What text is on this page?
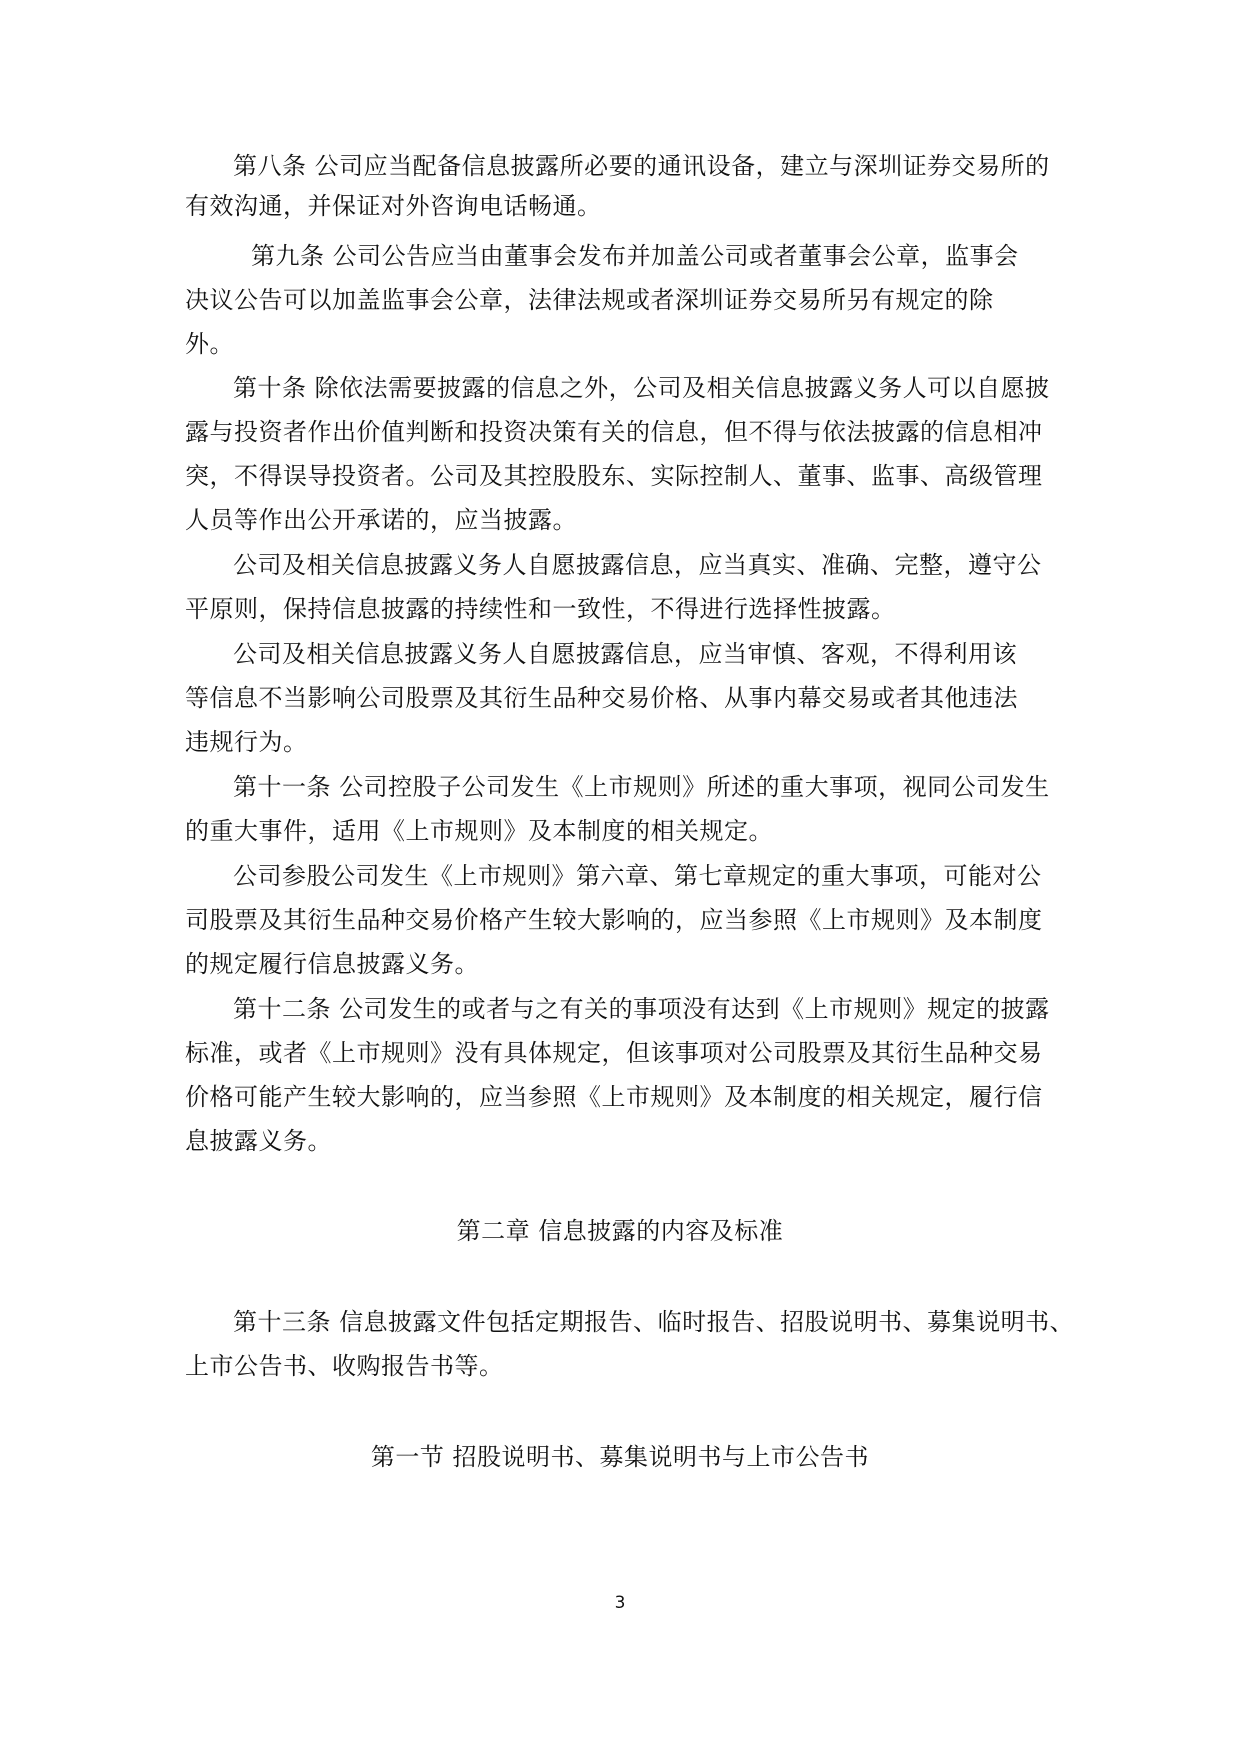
第八条 公司应当配备信息披露所必要的通讯设备，建立与深圳证券交易所的
有效沟通，并保证对外咨询电话畅通。
第九条 公司公告应当由董事会发布并加盖公司或者董事会公章，监事会
决议公告可以加盖监事会公章，法律法规或者深圳证券交易所另有规定的除
外。
第十条 除依法需要披露的信息之外，公司及相关信息披露义务人可以自愿披
露与投资者作出价值判断和投资决策有关的信息，但不得与依法披露的信息相冲
突，不得误导投资者。公司及其控股股东、实际控制人、董事、监事、高级管理
人员等作出公开承诺的，应当披露。
公司及相关信息披露义务人自愿披露信息，应当真实、准确、完整，遵守公
平原则，保持信息披露的持续性和一致性，不得进行选择性披露。
公司及相关信息披露义务人自愿披露信息，应当审慎、客观，不得利用该
等信息不当影响公司股票及其衍生品种交易价格、从事内幕交易或者其他违法
违规行为。
第十一条 公司控股子公司发生《上市规则》所述的重大事项，视同公司发生
的重大事件，适用《上市规则》及本制度的相关规定。
公司参股公司发生《上市规则》第六章、第七章规定的重大事项，可能对公
司股票及其衍生品种交易价格产生较大影响的，应当参照《上市规则》及本制度
的规定履行信息披露义务。
第十二条 公司发生的或者与之有关的事项没有达到《上市规则》规定的披露
标准，或者《上市规则》没有具体规定，但该事项对公司股票及其衍生品种交易
价格可能产生较大影响的，应当参照《上市规则》及本制度的相关规定，履行信
息披露义务。
第二章 信息披露的内容及标准
第十三条 信息披露文件包括定期报告、临时报告、招股说明书、募集说明书、
上市公告书、收购报告书等。
第一节 招股说明书、募集说明书与上市公告书
3
